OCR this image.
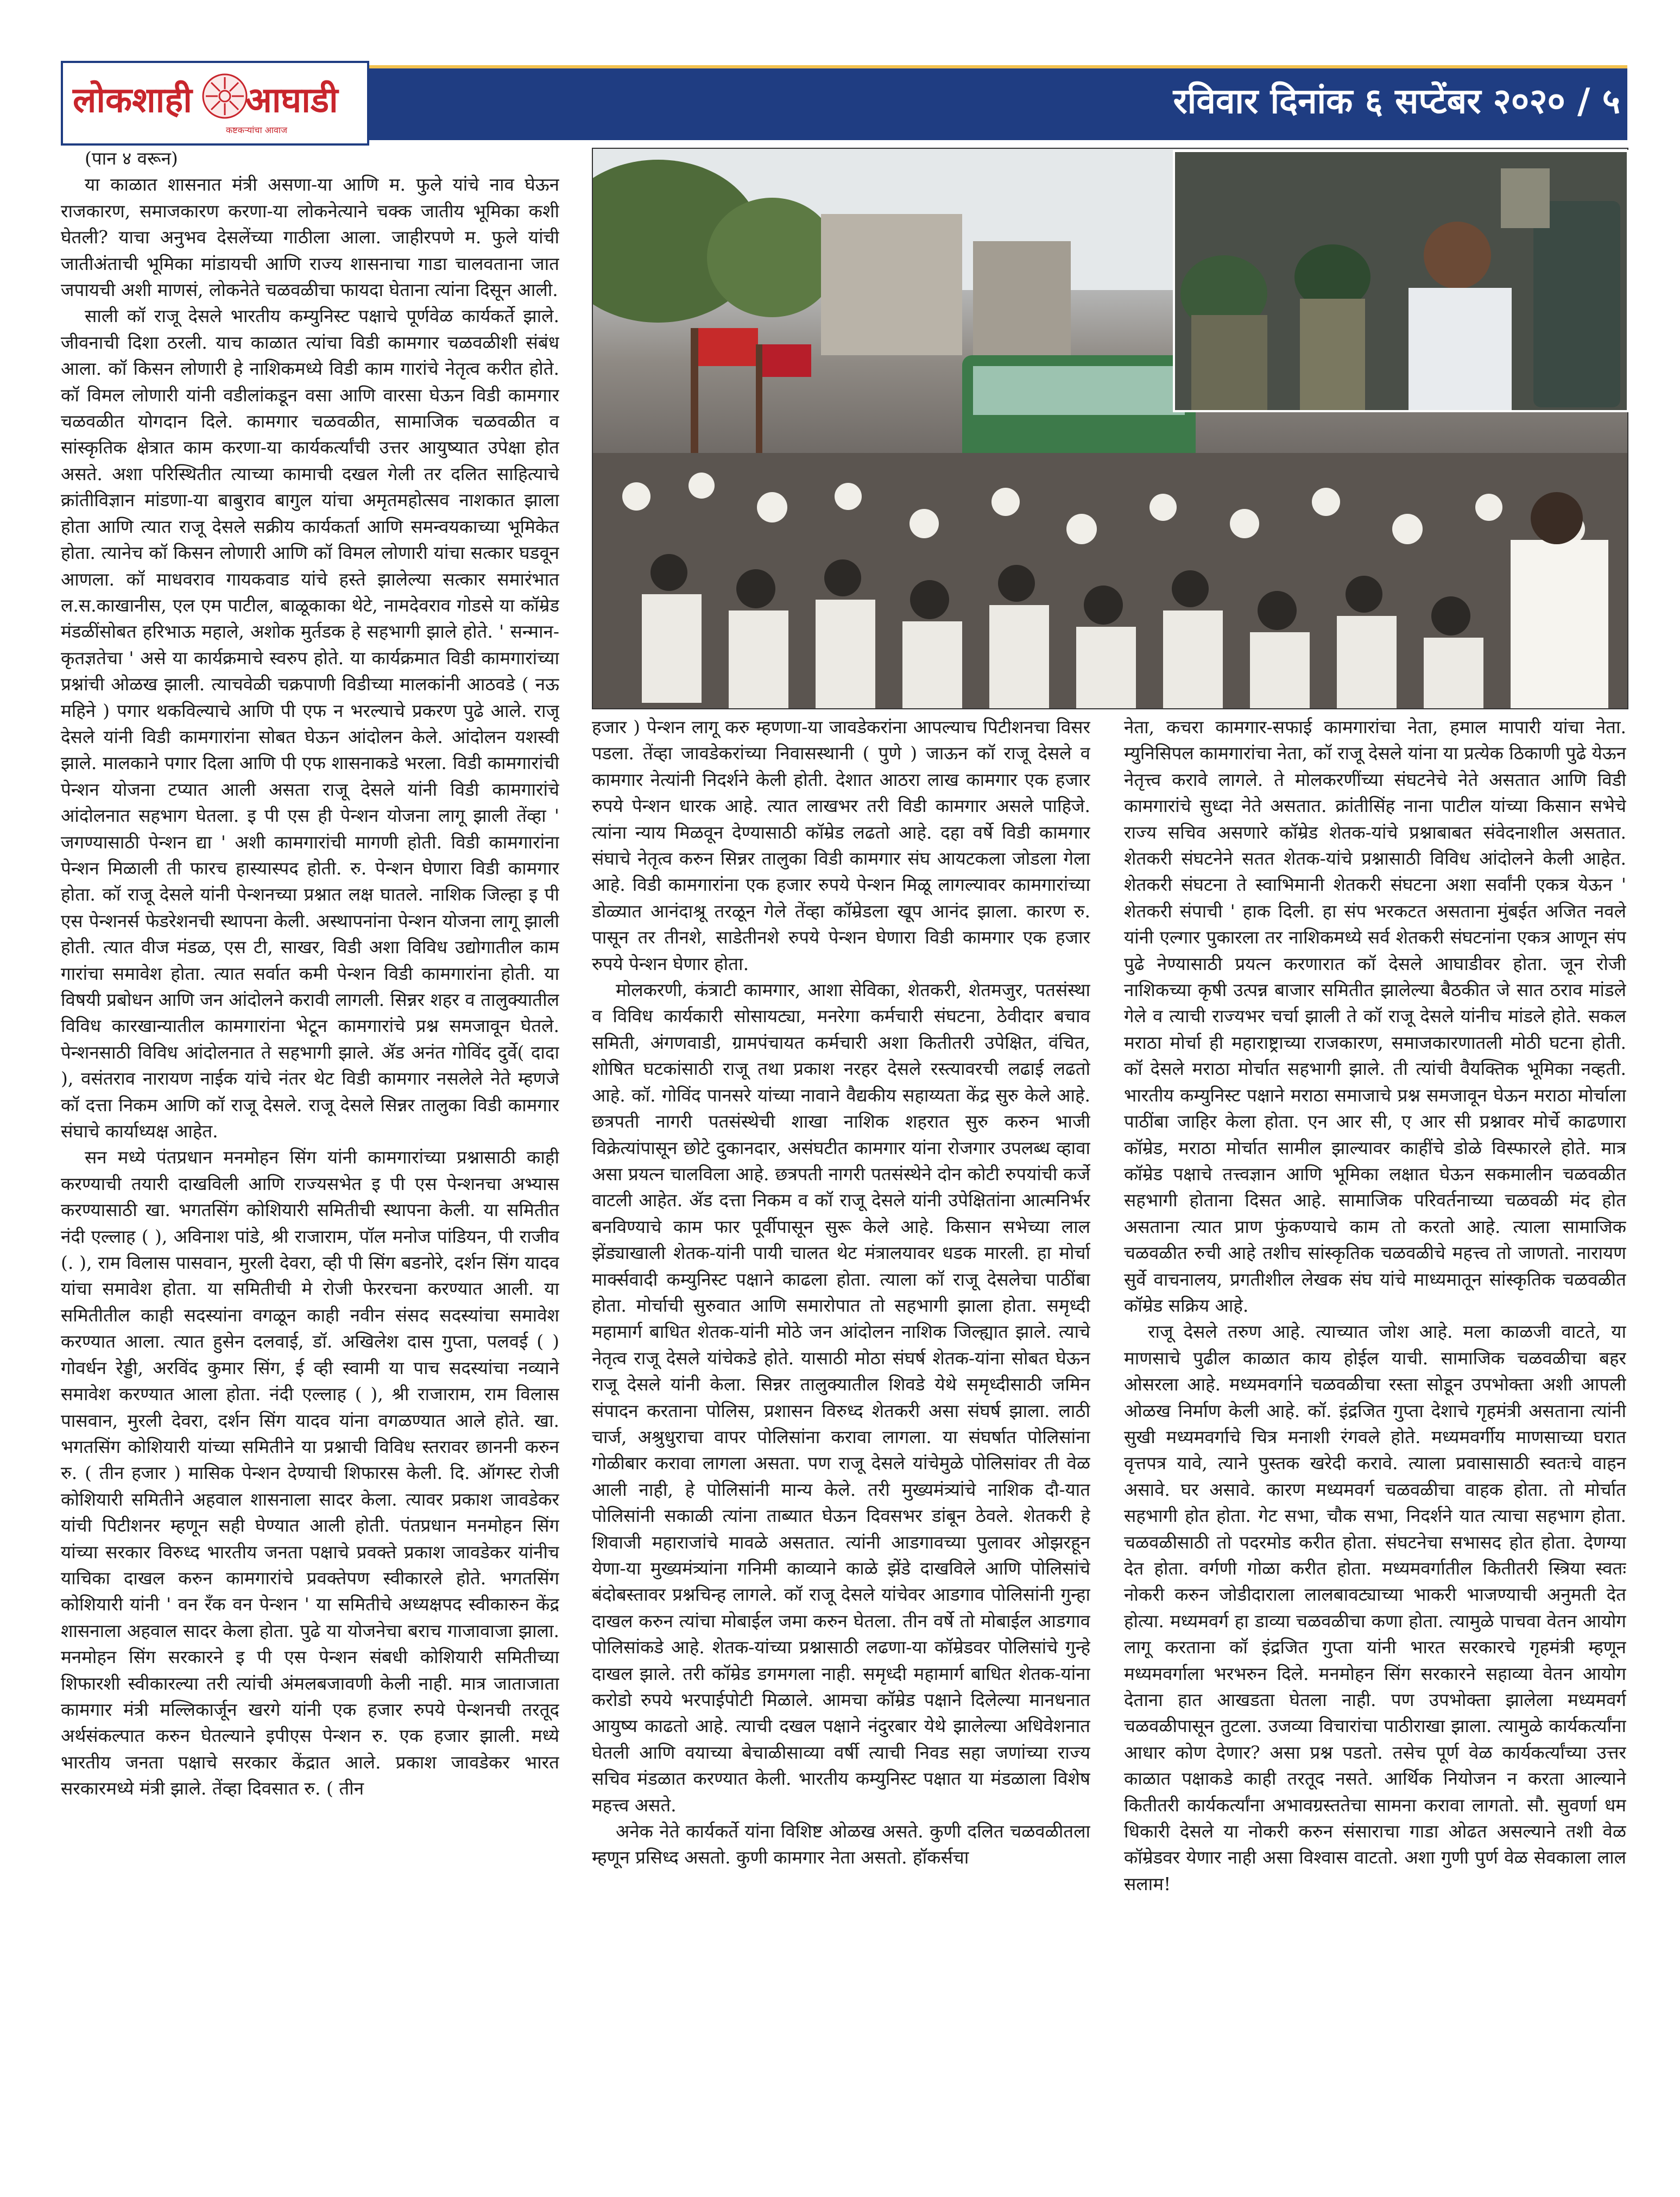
लोकशाही आघाडी
कष्टकऱ्यांचा आवाज
रविवार दिनांक ६ सप्टेंबर २०२० / ५

(पान ४ वरून)

या काळात शासनात मंत्री असणा-या आणि म. फुले यांचे नाव घेऊन राजकारण, समाजकारण करणा-या लोकनेत्याने चक्क जातीय भूमिका कशी घेतली? याचा अनुभव देसलेंच्या गाठीला आला. जाहीरपणे म. फुले यांची जातीअंताची भूमिका मांडायची आणि राज्य शासनाचा गाडा चालवताना जात जपायची अशी माणसं, लोकनेते चळवळीचा फायदा घेताना त्यांना दिसून आली.

साली कॉ राजू देसले भारतीय कम्युनिस्ट पक्षाचे पूर्णवेळ कार्यकर्ते झाले. जीवनाची दिशा ठरली. याच काळात त्यांचा विडी कामगार चळवळीशी संबंध आला. कॉ किसन लोणारी हे नाशिकमध्ये विडी काम गारांचे नेतृत्व करीत होते. कॉ विमल लोणारी यांनी वडीलांकडून वसा आणि वारसा घेऊन विडी कामगार चळवळीत योगदान दिले. कामगार चळवळीत, सामाजिक चळवळीत व सांस्कृतिक क्षेत्रात काम करणा-या कार्यकर्त्यांची उत्तर आयुष्यात उपेक्षा होत असते. अशा परिस्थितीत त्याच्या कामाची दखल गेली तर दलित साहित्याचे क्रांतीविज्ञान मांडणा-या बाबुराव बागुल यांचा अमृतमहोत्सव नाशकात झाला होता आणि त्यात राजू देसले सक्रीय कार्यकर्ता आणि समन्वयकाच्या भूमिकेत होता. त्यानेच कॉ किसन लोणारी आणि कॉ विमल लोणारी यांचा सत्कार घडवून आणला. कॉ माधवराव गायकवाड यांचे हस्ते झालेल्या सत्कार समारंभात ल.स.काखानीस, एल एम पाटील, बाळूकाका थेटे, नामदेवराव गोडसे या कॉम्रेड मंडळींसोबत हरिभाऊ महाले, अशोक मुर्तडक हे सहभागी झाले होते. ' सन्मान-कृतज्ञतेचा ' असे या कार्यक्रमाचे स्वरुप होते. या कार्यक्रमात विडी कामगारांच्या प्रश्नांची ओळख झाली. त्याचवेळी चक्रपाणी विडीच्या मालकांनी आठवडे ( नऊ महिने ) पगार थकविल्याचे आणि पी एफ न भरल्याचे प्रकरण पुढे आले. राजू देसले यांनी विडी कामगारांना सोबत घेऊन आंदोलन केले. आंदोलन यशस्वी झाले. मालकाने पगार दिला आणि पी एफ शासनाकडे भरला. विडी कामगारांची पेन्शन योजना टप्यात आली असता राजू देसले यांनी विडी कामगारांचे आंदोलनात सहभाग घेतला. इ पी एस ही पेन्शन योजना लागू झाली तेंव्हा ' जगण्यासाठी पेन्शन द्या ' अशी कामगारांची मागणी होती. विडी कामगारांना पेन्शन मिळाली ती फारच हास्यास्पद होती. रु. पेन्शन घेणारा विडी कामगार होता. कॉ राजू देसले यांनी पेन्शनच्या प्रश्नात लक्ष घातले. नाशिक जिल्हा इ पी एस पेन्शनर्स फेडरेशनची स्थापना केली. अस्थापनांना पेन्शन योजना लागू झाली होती. त्यात वीज मंडळ, एस टी, साखर, विडी अशा विविध उद्योगातील काम गारांचा समावेश होता. त्यात सर्वात कमी पेन्शन विडी कामगारांना होती. या विषयी प्रबोधन आणि जन आंदोलने करावी लागली. सिन्नर शहर व तालुक्यातील विविध कारखान्यातील कामगारांना भेटून कामगारांचे प्रश्न समजावून घेतले. पेन्शनसाठी विविध आंदोलनात ते सहभागी झाले. ॲड अनंत गोविंद दुर्वे( दादा ), वसंतराव नारायण नाईक यांचे नंतर थेट विडी कामगार नसलेले नेते म्हणजे कॉ दत्ता निकम आणि कॉ राजू देसले. राजू देसले सिन्नर तालुका विडी कामगार संघाचे कार्याध्यक्ष आहेत.

सन मध्ये पंतप्रधान मनमोहन सिंग यांनी कामगारांच्या प्रश्नासाठी काही करण्याची तयारी दाखविली आणि राज्यसभेत इ पी एस पेन्शनचा अभ्यास करण्यासाठी खा. भगतसिंग कोशियारी समितीची स्थापना केली. या समितीत नंदी एल्लाह ( ), अविनाश पांडे, श्री राजाराम, पॉल मनोज पांडियन, पी राजीव (. ), राम विलास पासवान, मुरली देवरा, व्ही पी सिंग बडनोरे, दर्शन सिंग यादव यांचा समावेश होता. या समितीची मे रोजी फेररचना करण्यात आली. या समितीतील काही सदस्यांना वगळून काही नवीन संसद सदस्यांचा समावेश करण्यात आला. त्यात हुसेन दलवाई, डॉ. अखिलेश दास गुप्ता, पलवई ( ) गोवर्धन रेड्डी, अरविंद कुमार सिंग, ई व्ही स्वामी या पाच सदस्यांचा नव्याने समावेश करण्यात आला होता. नंदी एल्लाह ( ), श्री राजाराम, राम विलास पासवान, मुरली देवरा, दर्शन सिंग यादव यांना वगळण्यात आले होते. खा. भगतसिंग कोशियारी यांच्या समितीने या प्रश्नाची विविध स्तरावर छाननी करुन रु. ( तीन हजार ) मासिक पेन्शन देण्याची शिफारस केली. दि. ऑगस्ट रोजी कोशियारी समितीने अहवाल शासनाला सादर केला. त्यावर प्रकाश जावडेकर यांची पिटीशनर म्हणून सही घेण्यात आली होती. पंतप्रधान मनमोहन सिंग यांच्या सरकार विरुध्द भारतीय जनता पक्षाचे प्रवक्ते प्रकाश जावडेकर यांनीच याचिका दाखल करुन कामगारांचे प्रवक्तेपण स्वीकारले होते. भगतसिंग कोशियारी यांनी ' वन रँक वन पेन्शन ' या समितीचे अध्यक्षपद स्वीकारुन केंद्र शासनाला अहवाल सादर केला होता. पुढे या योजनेचा बराच गाजावाजा झाला. मनमोहन सिंग सरकारने इ पी एस पेन्शन संबधी कोशियारी समितीच्या शिफारशी स्वीकारल्या तरी त्यांची अंमलबजावणी केली नाही. मात्र जाताजाता कामगार मंत्री मल्लिकार्जून खरगे यांनी एक हजार रुपये पेन्शनची तरतूद अर्थसंकल्पात करुन घेतल्याने इपीएस पेन्शन रु. एक हजार झाली. मध्ये भारतीय जनता पक्षाचे सरकार केंद्रात आले. प्रकाश जावडेकर भारत सरकारमध्ये मंत्री झाले. तेंव्हा दिवसात रु. ( तीन

हजार ) पेन्शन लागू करु म्हणणा-या जावडेकरांना आपल्याच पिटीशनचा विसर पडला. तेंव्हा जावडेकरांच्या निवासस्थानी ( पुणे ) जाऊन कॉ राजू देसले व कामगार नेत्यांनी निदर्शने केली होती. देशात आठरा लाख कामगार एक हजार रुपये पेन्शन धारक आहे. त्यात लाखभर तरी विडी कामगार असले पाहिजे. त्यांना न्याय मिळवून देण्यासाठी कॉम्रेड लढतो आहे. दहा वर्षे विडी कामगार संघाचे नेतृत्व करुन सिन्नर तालुका विडी कामगार संघ आयटकला जोडला गेला आहे. विडी कामगारांना एक हजार रुपये पेन्शन मिळू लागल्यावर कामगारांच्या डोळ्यात आनंदाश्रू तरळून गेले तेंव्हा कॉम्रेडला खूप आनंद झाला. कारण रु. पासून तर तीनशे, साडेतीनशे रुपये पेन्शन घेणारा विडी कामगार एक हजार रुपये पेन्शन घेणार होता.

मोलकरणी, कंत्राटी कामगार, आशा सेविका, शेतकरी, शेतमजुर, पतसंस्था व विविध कार्यकारी सोसायट्या, मनरेगा कर्मचारी संघटना, ठेवीदार बचाव समिती, अंगणवाडी, ग्रामपंचायत कर्मचारी अशा कितीतरी उपेक्षित, वंचित, शोषित घटकांसाठी राजू तथा प्रकाश नरहर देसले रस्त्यावरची लढाई लढतो आहे. कॉ. गोविंद पानसरे यांच्या नावाने वैद्यकीय सहाय्यता केंद्र सुरु केले आहे. छत्रपती नागरी पतसंस्थेची शाखा नाशिक शहरात सुरु करुन भाजी विक्रेत्यांपासून छोटे दुकानदार, असंघटीत कामगार यांना रोजगार उपलब्ध व्हावा असा प्रयत्न चालविला आहे. छत्रपती नागरी पतसंस्थेने दोन कोटी रुपयांची कर्जे वाटली आहेत. ॲड दत्ता निकम व कॉ राजू देसले यांनी उपेक्षितांना आत्मनिर्भर बनविण्याचे काम फार पूर्वीपासून सुरू केले आहे. किसान सभेच्या लाल झेंड्याखाली शेतक-यांनी पायी चालत थेट मंत्रालयावर धडक मारली. हा मोर्चा मार्क्सवादी कम्युनिस्ट पक्षाने काढला होता. त्याला कॉ राजू देसलेचा पाठींबा होता. मोर्चाची सुरुवात आणि समारोपात तो सहभागी झाला होता. समृध्दी महामार्ग बाधित शेतक-यांनी मोठे जन आंदोलन नाशिक जिल्ह्यात झाले. त्याचे नेतृत्व राजू देसले यांचेकडे होते. यासाठी मोठा संघर्ष शेतक-यांना सोबत घेऊन राजू देसले यांनी केला. सिन्नर तालुक्यातील शिवडे येथे समृध्दीसाठी जमिन संपादन करताना पोलिस, प्रशासन विरुध्द शेतकरी असा संघर्ष झाला. लाठी चार्ज, अश्रुधुराचा वापर पोलिसांना करावा लागला. या संघर्षात पोलिसांना गोळीबार करावा लागला असता. पण राजू देसले यांचेमुळे पोलिसांवर ती वेळ आली नाही, हे पोलिसांनी मान्य केले. तरी मुख्यमंत्र्यांचे नाशिक दौ-यात पोलिसांनी सकाळी त्यांना ताब्यात घेऊन दिवसभर डांबून ठेवले. शेतकरी हे शिवाजी महाराजांचे मावळे असतात. त्यांनी आडगावच्या पुलावर ओझरहून येणा-या मुख्यमंत्र्यांना गनिमी काव्याने काळे झेंडे दाखविले आणि पोलिसांचे बंदोबस्तावर प्रश्नचिन्ह लागले. कॉ राजू देसले यांचेवर आडगाव पोलिसांनी गुन्हा दाखल करुन त्यांचा मोबाईल जमा करुन घेतला. तीन वर्षे तो मोबाईल आडगाव पोलिसांकडे आहे. शेतक-यांच्या प्रश्नासाठी लढणा-या कॉम्रेडवर पोलिसांचे गुन्हे दाखल झाले. तरी कॉम्रेड डगमगला नाही. समृध्दी महामार्ग बाधित शेतक-यांना करोडो रुपये भरपाईपोटी मिळाले. आमचा कॉम्रेड पक्षाने दिलेल्या मानधनात आयुष्य काढतो आहे. त्याची दखल पक्षाने नंदुरबार येथे झालेल्या अधिवेशनात घेतली आणि वयाच्या बेचाळीसाव्या वर्षी त्याची निवड सहा जणांच्या राज्य सचिव मंडळात करण्यात केली. भारतीय कम्युनिस्ट पक्षात या मंडळाला विशेष महत्त्व असते.

अनेक नेते कार्यकर्ते यांना विशिष्ट ओळख असते. कुणी दलित चळवळीतला म्हणून प्रसिध्द असतो. कुणी कामगार नेता असतो. हॉकर्सचा

नेता, कचरा कामगार-सफाई कामगारांचा नेता, हमाल मापारी यांचा नेता. म्युनिसिपल कामगारांचा नेता, कॉ राजू देसले यांना या प्रत्येक ठिकाणी पुढे येऊन नेतृत्त्व करावे लागले. ते मोलकरणींच्या संघटनेचे नेते असतात आणि विडी कामगारांचे सुध्दा नेते असतात. क्रांतीसिंह नाना पाटील यांच्या किसान सभेचे राज्य सचिव असणारे कॉम्रेड शेतक-यांचे प्रश्नाबाबत संवेदनाशील असतात. शेतकरी संघटनेने सतत शेतक-यांचे प्रश्नासाठी विविध आंदोलने केली आहेत. शेतकरी संघटना ते स्वाभिमानी शेतकरी संघटना अशा सर्वांनी एकत्र येऊन ' शेतकरी संपाची ' हाक दिली. हा संप भरकटत असताना मुंबईत अजित नवले यांनी एल्गार पुकारला तर नाशिकमध्ये सर्व शेतकरी संघटनांना एकत्र आणून संप पुढे नेण्यासाठी प्रयत्न करणारात कॉ देसले आघाडीवर होता. जून रोजी नाशिकच्या कृषी उत्पन्न बाजार समितीत झालेल्या बैठकीत जे सात ठराव मांडले गेले व त्याची राज्यभर चर्चा झाली ते कॉ राजू देसले यांनीच मांडले होते. सकल मराठा मोर्चा ही महाराष्ट्राच्या राजकारण, समाजकारणातली मोठी घटना होती. कॉ देसले मराठा मोर्चात सहभागी झाले. ती त्यांची वैयक्तिक भूमिका नव्हती. भारतीय कम्युनिस्ट पक्षाने मराठा समाजाचे प्रश्न समजावून घेऊन मराठा मोर्चाला पाठींबा जाहिर केला होता. एन आर सी, ए आर सी प्रश्नावर मोर्चे काढणारा कॉम्रेड, मराठा मोर्चात सामील झाल्यावर काहींचे डोळे विस्फारले होते. मात्र कॉम्रेड पक्षाचे तत्त्वज्ञान आणि भूमिका लक्षात घेऊन सकमालीन चळवळीत सहभागी होताना दिसत आहे. सामाजिक परिवर्तनाच्या चळवळी मंद होत असताना त्यात प्राण फुंकण्याचे काम तो करतो आहे. त्याला सामाजिक चळवळीत रुची आहे तशीच सांस्कृतिक चळवळीचे महत्त्व तो जाणतो. नारायण सुर्वे वाचनालय, प्रगतीशील लेखक संघ यांचे माध्यमातून सांस्कृतिक चळवळीत कॉम्रेड सक्रिय आहे.

राजू देसले तरुण आहे. त्याच्यात जोश आहे. मला काळजी वाटते, या माणसाचे पुढील काळात काय होईल याची. सामाजिक चळवळीचा बहर ओसरला आहे. मध्यमवर्गाने चळवळीचा रस्ता सोडून उपभोक्ता अशी आपली ओळख निर्माण केली आहे. कॉ. इंद्रजित गुप्ता देशाचे गृहमंत्री असताना त्यांनी सुखी मध्यमवर्गाचे चित्र मनाशी रंगवले होते. मध्यमवर्गीय माणसाच्या घरात वृत्तपत्र यावे, त्याने पुस्तक खरेदी करावे. त्याला प्रवासासाठी स्वतःचे वाहन असावे. घर असावे. कारण मध्यमवर्ग चळवळीचा वाहक होता. तो मोर्चात सहभागी होत होता. गेट सभा, चौक सभा, निदर्शने यात त्याचा सहभाग होता. चळवळीसाठी तो पदरमोड करीत होता. संघटनेचा सभासद होत होता. देणग्या देत होता. वर्गणी गोळा करीत होता. मध्यमवर्गातील कितीतरी स्त्रिया स्वतः नोकरी करुन जोडीदाराला लालबावट्याच्या भाकरी भाजण्याची अनुमती देत होत्या. मध्यमवर्ग हा डाव्या चळवळीचा कणा होता. त्यामुळे पाचवा वेतन आयोग लागू करताना कॉ इंद्रजित गुप्ता यांनी भारत सरकारचे गृहमंत्री म्हणून मध्यमवर्गाला भरभरुन दिले. मनमोहन सिंग सरकारने सहाव्या वेतन आयोग देताना हात आखडता घेतला नाही. पण उपभोक्ता झालेला मध्यमवर्ग चळवळीपासून तुटला. उजव्या विचारांचा पाठीराखा झाला. त्यामुळे कार्यकर्त्यांना आधार कोण देणार? असा प्रश्न पडतो. तसेच पूर्ण वेळ कार्यकर्त्यांच्या उत्तर काळात पक्षाकडे काही तरतूद नसते. आर्थिक नियोजन न करता आल्याने कितीतरी कार्यकर्त्यांना अभावग्रस्ततेचा सामना करावा लागतो. सौ. सुवर्णा धम धिकारी देसले या नोकरी करुन संसाराचा गाडा ओढत असल्याने तशी वेळ कॉम्रेडवर येणार नाही असा विश्वास वाटतो. अशा गुणी पुर्ण वेळ सेवकाला लाल सलाम!
